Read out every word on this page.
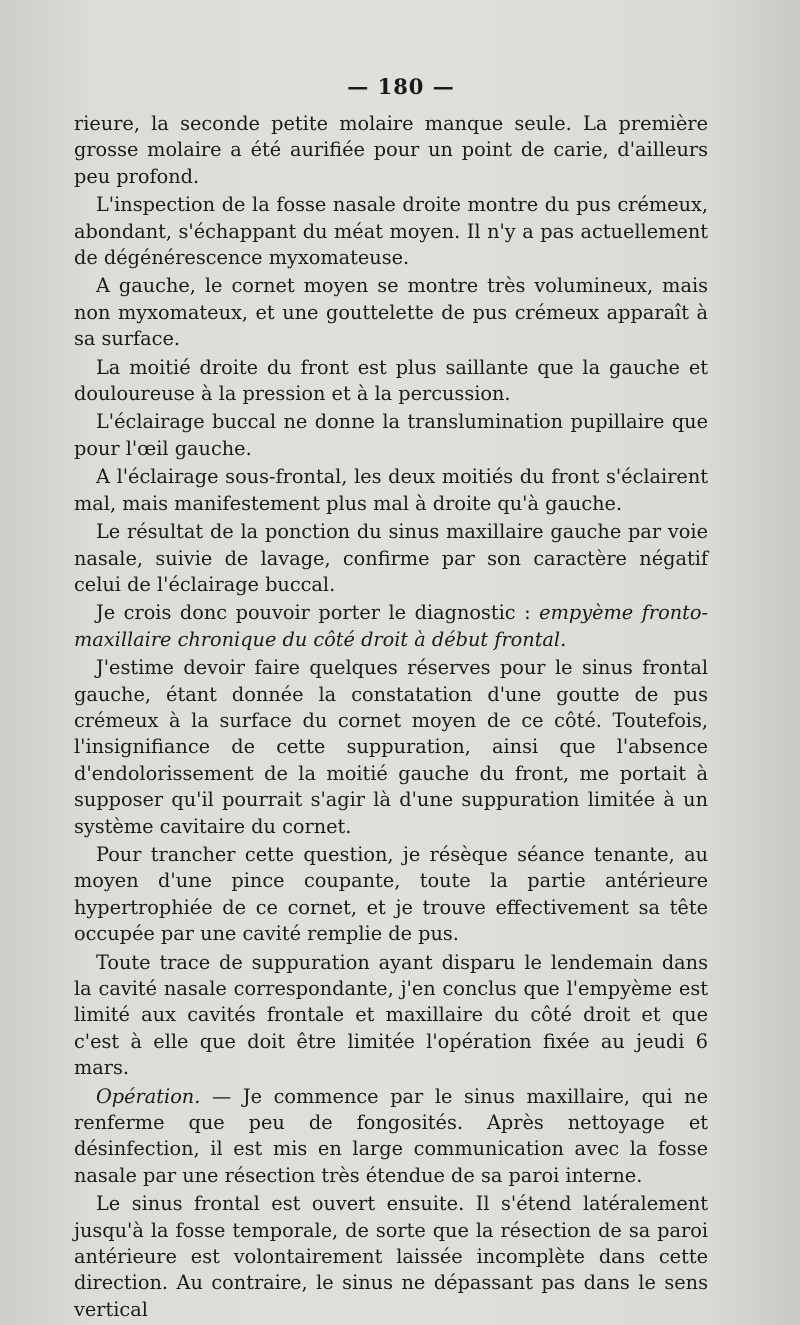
— 180 —

rieure, la seconde petite molaire manque seule. La première grosse molaire a été aurifiée pour un point de carie, d'ailleurs peu profond.

L'inspection de la fosse nasale droite montre du pus crémeux, abondant, s'échappant du méat moyen. Il n'y a pas actuellement de dégénérescence myxomateuse.

A gauche, le cornet moyen se montre très volumineux, mais non myxomateux, et une gouttelette de pus crémeux apparaît à sa surface.

La moitié droite du front est plus saillante que la gauche et douloureuse à la pression et à la percussion.

L'éclairage buccal ne donne la translumination pupillaire que pour l'œil gauche.

A l'éclairage sous-frontal, les deux moitiés du front s'éclairent mal, mais manifestement plus mal à droite qu'à gauche.

Le résultat de la ponction du sinus maxillaire gauche par voie nasale, suivie de lavage, confirme par son caractère négatif celui de l'éclairage buccal.

Je crois donc pouvoir porter le diagnostic : empyème fronto-maxillaire chronique du côté droit à début frontal.

J'estime devoir faire quelques réserves pour le sinus frontal gauche, étant donnée la constatation d'une goutte de pus crémeux à la surface du cornet moyen de ce côté. Toutefois, l'insignifiance de cette suppuration, ainsi que l'absence d'endolorissement de la moitié gauche du front, me portait à supposer qu'il pourrait s'agir là d'une suppuration limitée à un système cavitaire du cornet.

Pour trancher cette question, je résèque séance tenante, au moyen d'une pince coupante, toute la partie antérieure hypertrophiée de ce cornet, et je trouve effectivement sa tête occupée par une cavité remplie de pus.

Toute trace de suppuration ayant disparu le lendemain dans la cavité nasale correspondante, j'en conclus que l'empyème est limité aux cavités frontale et maxillaire du côté droit et que c'est à elle que doit être limitée l'opération fixée au jeudi 6 mars.

Opération. — Je commence par le sinus maxillaire, qui ne renferme que peu de fongosités. Après nettoyage et désinfection, il est mis en large communication avec la fosse nasale par une résection très étendue de sa paroi interne.

Le sinus frontal est ouvert ensuite. Il s'étend latéralement jusqu'à la fosse temporale, de sorte que la résection de sa paroi antérieure est volontairement laissée incomplète dans cette direction. Au contraire, le sinus ne dépassant pas dans le sens vertical
